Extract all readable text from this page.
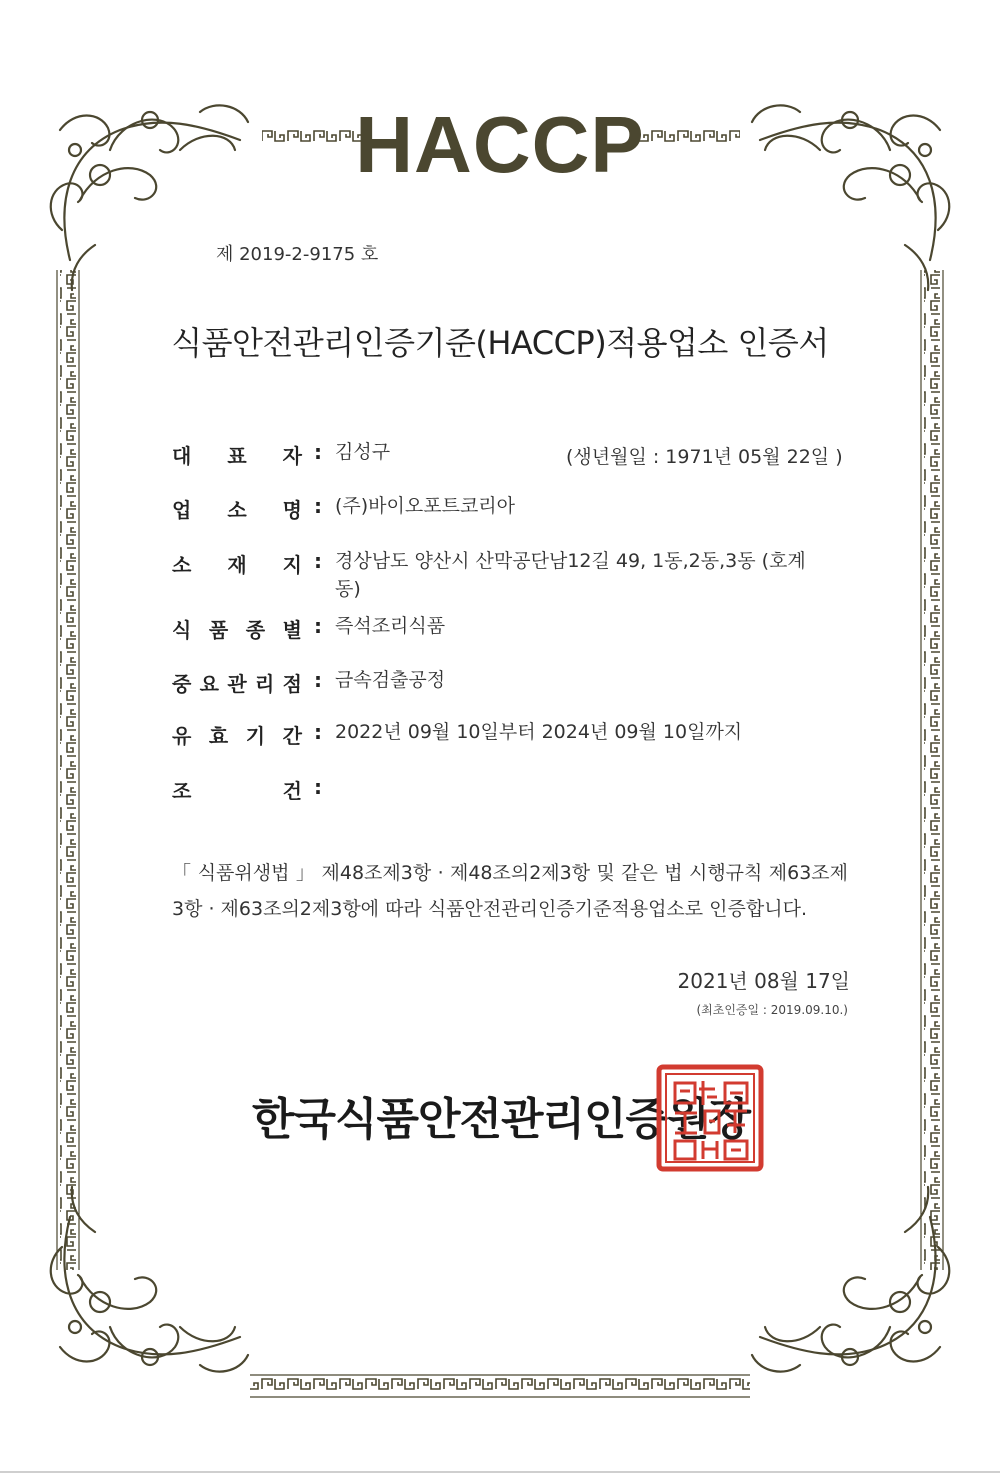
HACCP
제 2019-2-9175 호
식품안전관리인증기준(HACCP)적용업소 인증서
대 표 자 : 김성구
업 소 명 : (주)바이오포트코리아
소 재 지 : 경상남도 양산시 산막공단남12길 49, 1동,2동,3동 (호계동)
식 품 종 별 : 즉석조리식품
중 요 관 리 점 : 금속검출공정
유 효 기 간 : 2022년 09월 10일부터 2024년 09월 10일까지
조	건 :
(생년월일 : 1971년 05월 22일 )
「 식품위생법 」 제48조제3항 · 제48조의2제3항 및 같은 법 시행규칙 제63조제3항 · 제63조의2제3항에 따라 식품안전관리인증기준적용업소로 인증합니다.
2021년 08월 17일
(최초인증일 : 2019.09.10.)
한국식품안전관리인증원장
